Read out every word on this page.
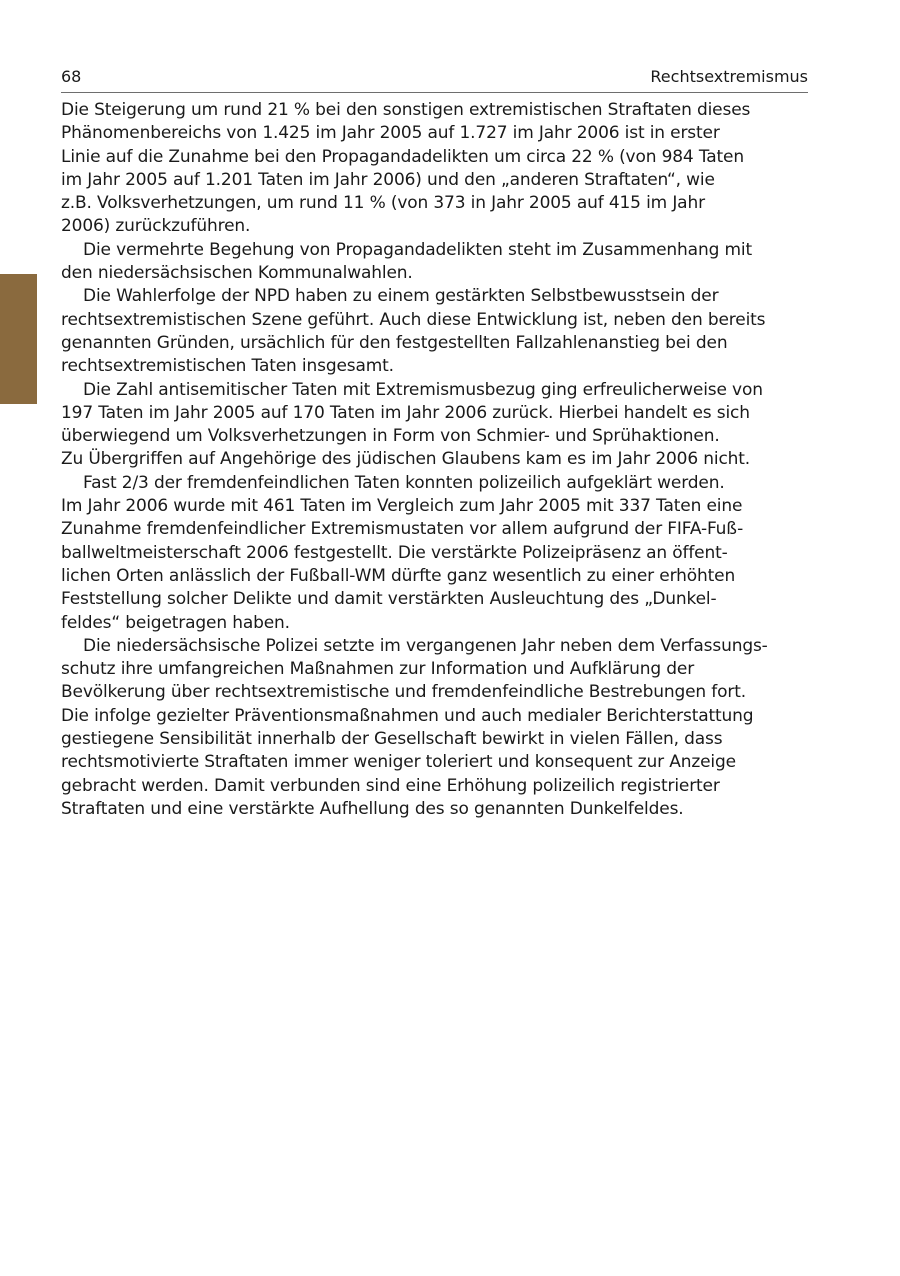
68	Rechtsextremismus
Die Steigerung um rund 21 % bei den sonstigen extremistischen Straftaten dieses
Phänomenbereichs von 1.425 im Jahr 2005 auf 1.727 im Jahr 2006 ist in erster
Linie auf die Zunahme bei den Propagandadelikten um circa 22 % (von 984 Taten
im Jahr 2005 auf 1.201 Taten im Jahr 2006) und den „anderen Straftaten“, wie
z.B. Volksverhetzungen, um rund 11 % (von 373 in Jahr 2005 auf 415 im Jahr
2006) zurückzuführen.
Die vermehrte Begehung von Propagandadelikten steht im Zusammenhang mit
den niedersächsischen Kommunalwahlen.
Die Wahlerfolge der NPD haben zu einem gestärkten Selbstbewusstsein der
rechtsextremistischen Szene geführt. Auch diese Entwicklung ist, neben den bereits
genannten Gründen, ursächlich für den festgestellten Fallzahlenanstieg bei den
rechtsextremistischen Taten insgesamt.
Die Zahl antisemitischer Taten mit Extremismusbezug ging erfreulicherweise von
197 Taten im Jahr 2005 auf 170 Taten im Jahr 2006 zurück. Hierbei handelt es sich
überwiegend um Volksverhetzungen in Form von Schmier- und Sprühaktionen.
Zu Übergriffen auf Angehörige des jüdischen Glaubens kam es im Jahr 2006 nicht.
Fast 2/3 der fremdenfeindlichen Taten konnten polizeilich aufgeklärt werden.
Im Jahr 2006 wurde mit 461 Taten im Vergleich zum Jahr 2005 mit 337 Taten eine
Zunahme fremdenfeindlicher Extremismustaten vor allem aufgrund der FIFA-Fuß-
ballweltmeisterschaft 2006 festgestellt. Die verstärkte Polizeipräsenz an öffent-
lichen Orten anlässlich der Fußball-WM dürfte ganz wesentlich zu einer erhöhten
Feststellung solcher Delikte und damit verstärkten Ausleuchtung des „Dunkel-
feldes“ beigetragen haben.
Die niedersächsische Polizei setzte im vergangenen Jahr neben dem Verfassungs-
schutz ihre umfangreichen Maßnahmen zur Information und Aufklärung der
Bevölkerung über rechtsextremistische und fremdenfeindliche Bestrebungen fort.
Die infolge gezielter Präventionsmaßnahmen und auch medialer Berichterstattung
gestiegene Sensibilität innerhalb der Gesellschaft bewirkt in vielen Fällen, dass
rechtsmotivierte Straftaten immer weniger toleriert und konsequent zur Anzeige
gebracht werden. Damit verbunden sind eine Erhöhung polizeilich registrierter
Straftaten und eine verstärkte Aufhellung des so genannten Dunkelfeldes.
